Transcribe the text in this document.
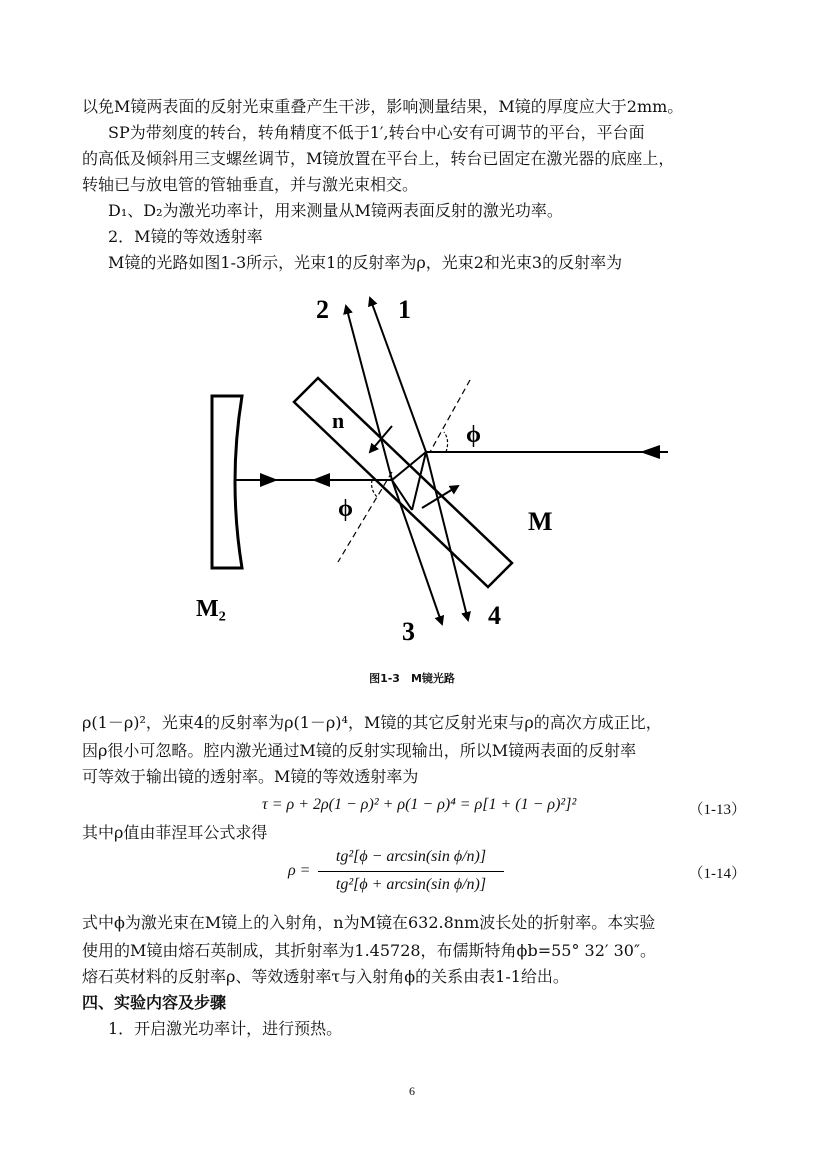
以免M镜两表面的反射光束重叠产生干涉，影响测量结果，M镜的厚度应大于2mm。
SP为带刻度的转台，转角精度不低于1′,转台中心安有可调节的平台，平台面
的高低及倾斜用三支螺丝调节，M镜放置在平台上，转台已固定在激光器的底座上，
转轴已与放电管的管轴垂直，并与激光束相交。
D₁、D₂为激光功率计，用来测量从M镜两表面反射的激光功率。
2．M镜的等效透射率
M镜的光路如图1-3所示，光束1的反射率为ρ，光束2和光束3的反射率为
2	1
n
ϕ
ϕ	M
M₂
3
4
图1-3　M镜光路
ρ(1－ρ)²，光束4的反射率为ρ(1－ρ)⁴，M镜的其它反射光束与ρ的高次方成正比，
因ρ很小可忽略。腔内激光通过M镜的反射实现输出，所以M镜两表面的反射率
可等效于输出镜的透射率。M镜的等效透射率为
τ = ρ + 2ρ(1 − ρ)² + ρ(1 − ρ)⁴ = ρ[1 + (1 − ρ)²]²	（1-13）
其中ρ值由菲涅耳公式求得
ρ =
tg²[ϕ − arcsin(sin ϕ/n)]
tg²[ϕ + arcsin(sin ϕ/n)]
（1-14）
式中ϕ为激光束在M镜上的入射角，n为M镜在632.8nm波长处的折射率。本实验
使用的M镜由熔石英制成，其折射率为1.45728，布儒斯特角ϕb=55° 32′ 30″。
熔石英材料的反射率ρ、等效透射率τ与入射角ϕ的关系由表1-1给出。
四、实验内容及步骤
1．开启激光功率计，进行预热。
6
